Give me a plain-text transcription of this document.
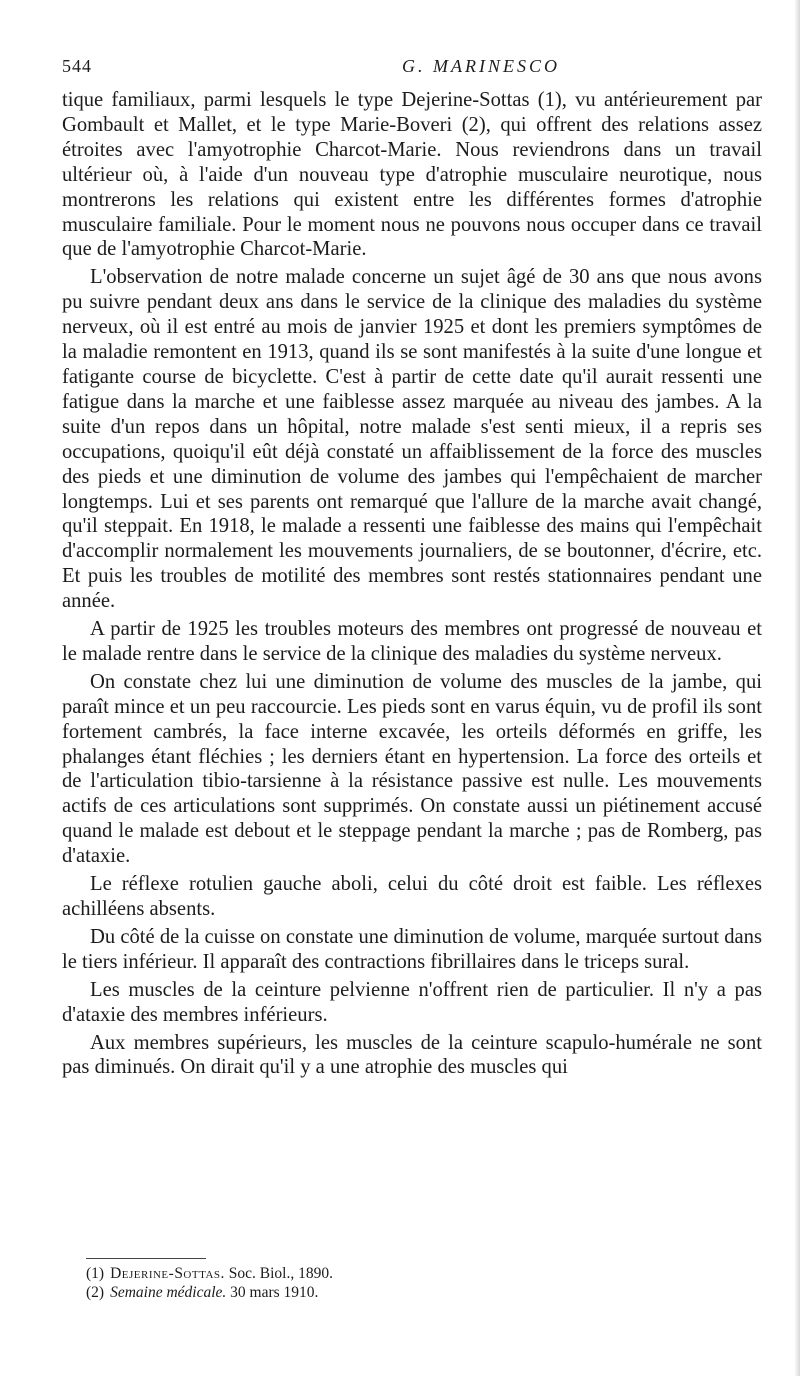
544	G. MARINESCO

tique familiaux, parmi lesquels le type Dejerine-Sottas (1), vu antérieurement par Gombault et Mallet, et le type Marie-Boveri (2), qui offrent des relations assez étroites avec l'amyotrophie Charcot-Marie. Nous reviendrons dans un travail ultérieur où, à l'aide d'un nouveau type d'atrophie musculaire neurotique, nous montrerons les relations qui existent entre les différentes formes d'atrophie musculaire familiale. Pour le moment nous ne pouvons nous occuper dans ce travail que de l'amyotrophie Charcot-Marie.

L'observation de notre malade concerne un sujet âgé de 30 ans que nous avons pu suivre pendant deux ans dans le service de la clinique des maladies du système nerveux, où il est entré au mois de janvier 1925 et dont les premiers symptômes de la maladie remontent en 1913, quand ils se sont manifestés à la suite d'une longue et fatigante course de bicyclette. C'est à partir de cette date qu'il aurait ressenti une fatigue dans la marche et une faiblesse assez marquée au niveau des jambes. A la suite d'un repos dans un hôpital, notre malade s'est senti mieux, il a repris ses occupations, quoiqu'il eût déjà constaté un affaiblissement de la force des muscles des pieds et une diminution de volume des jambes qui l'empêchaient de marcher longtemps. Lui et ses parents ont remarqué que l'allure de la marche avait changé, qu'il steppait. En 1918, le malade a ressenti une faiblesse des mains qui l'empêchait d'accomplir normalement les mouvements journaliers, de se boutonner, d'écrire, etc. Et puis les troubles de motilité des membres sont restés stationnaires pendant une année.

A partir de 1925 les troubles moteurs des membres ont progressé de nouveau et le malade rentre dans le service de la clinique des maladies du système nerveux.

On constate chez lui une diminution de volume des muscles de la jambe, qui paraît mince et un peu raccourcie. Les pieds sont en varus équin, vu de profil ils sont fortement cambrés, la face interne excavée, les orteils déformés en griffe, les phalanges étant fléchies ; les derniers étant en hypertension. La force des orteils et de l'articulation tibio-tarsienne à la résistance passive est nulle. Les mouvements actifs de ces articulations sont supprimés. On constate aussi un piétinement accusé quand le malade est debout et le steppage pendant la marche ; pas de Romberg, pas d'ataxie.

Le réflexe rotulien gauche aboli, celui du côté droit est faible. Les réflexes achilléens absents.

Du côté de la cuisse on constate une diminution de volume, marquée surtout dans le tiers inférieur. Il apparaît des contractions fibrillaires dans le triceps sural.

Les muscles de la ceinture pelvienne n'offrent rien de particulier. Il n'y a pas d'ataxie des membres inférieurs.

Aux membres supérieurs, les muscles de la ceinture scapulo-humérale ne sont pas diminués. On dirait qu'il y a une atrophie des muscles qui

(1) Dejerine-Sottas. Soc. Biol., 1890.

(2) Semaine médicale. 30 mars 1910.
